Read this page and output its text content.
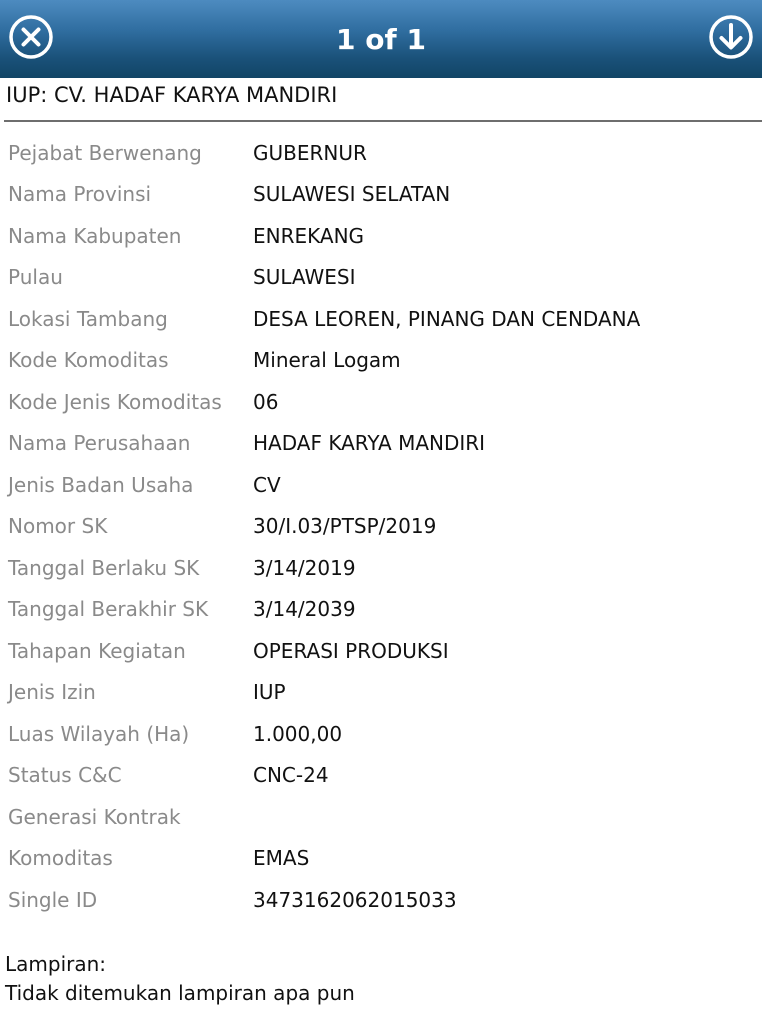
1 of 1
IUP: CV. HADAF KARYA MANDIRI
Pejabat Berwenang	GUBERNUR
Nama Provinsi	SULAWESI SELATAN
Nama Kabupaten	ENREKANG
Pulau	SULAWESI
Lokasi Tambang	DESA LEOREN, PINANG DAN CENDANA
Kode Komoditas	Mineral Logam
Kode Jenis Komoditas	06
Nama Perusahaan	HADAF KARYA MANDIRI
Jenis Badan Usaha	CV
Nomor SK	30/I.03/PTSP/2019
Tanggal Berlaku SK	3/14/2019
Tanggal Berakhir SK	3/14/2039
Tahapan Kegiatan	OPERASI PRODUKSI
Jenis Izin	IUP
Luas Wilayah (Ha)	1.000,00
Status C&C	CNC-24
Generasi Kontrak
Komoditas	EMAS
Single ID	3473162062015033
Lampiran:
Tidak ditemukan lampiran apa pun
